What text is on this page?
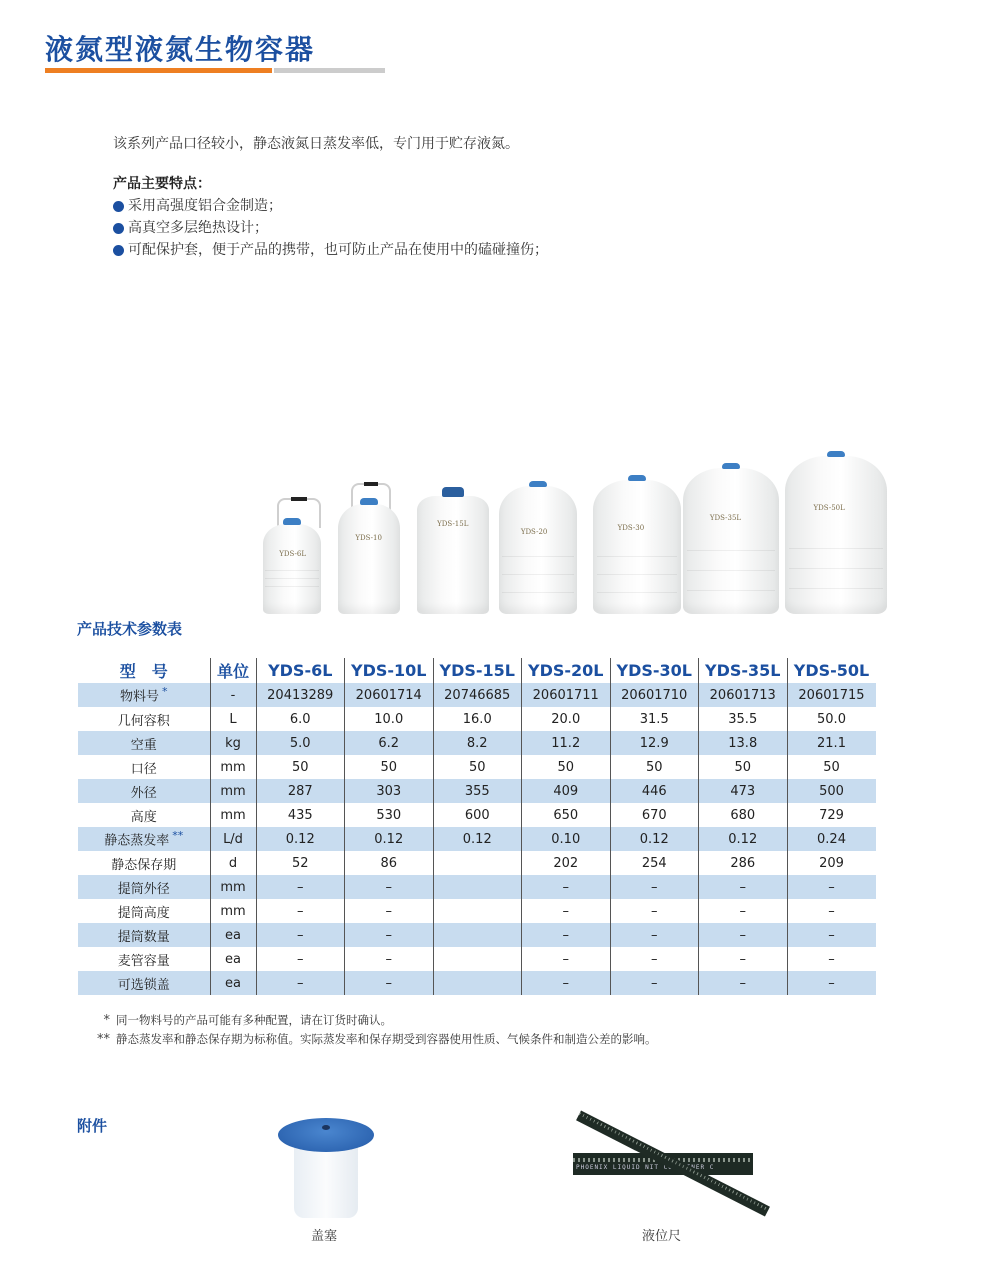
液氮型液氮生物容器
该系列产品口径较小，静态液氮日蒸发率低，专门用于贮存液氮。
产品主要特点：
采用高强度铝合金制造；
高真空多层绝热设计；
可配保护套，便于产品的携带，也可防止产品在使用中的磕碰撞伤；
YDS-6L
YDS-10
YDS-15L
YDS-20	YDS-30
YDS-35L
YDS-50L
产品技术参数表
型　号	单位	YDS-6L	YDS-10L	YDS-15L	YDS-20L	YDS-30L	YDS-35L	YDS-50L
物料号 *	-	20413289	20601714	20746685	20601711	20601710	20601713	20601715
几何容积	L	6.0	10.0	16.0	20.0	31.5	35.5	50.0
空重	kg	5.0	6.2	8.2	11.2	12.9	13.8	21.1
口径	mm	50	50	50	50	50	50	50
外径	mm	287	303	355	409	446	473	500
高度	mm	435	530	600	650	670	680	729
静态蒸发率 **	L/d	0.12	0.12	0.12	0.10	0.12	0.12	0.24
静态保存期	d	52	86		202	254	286	209
提筒外径	mm	–	–		–	–	–	–
提筒高度	mm	–	–		–	–	–	–
提筒数量	ea	–	–		–	–	–	–
麦管容量	ea	–	–		–	–	–	–
可选锁盖	ea	–	–		–	–	–	–
* 同一物料号的产品可能有多种配置，请在订货时确认。
** 静态蒸发率和静态保存期为标称值。实际蒸发率和保存期受到容器使用性质、气候条件和制造公差的影响。
附件
盖塞
PHOENIX LIQUID NIT CONTAINER C
液位尺
